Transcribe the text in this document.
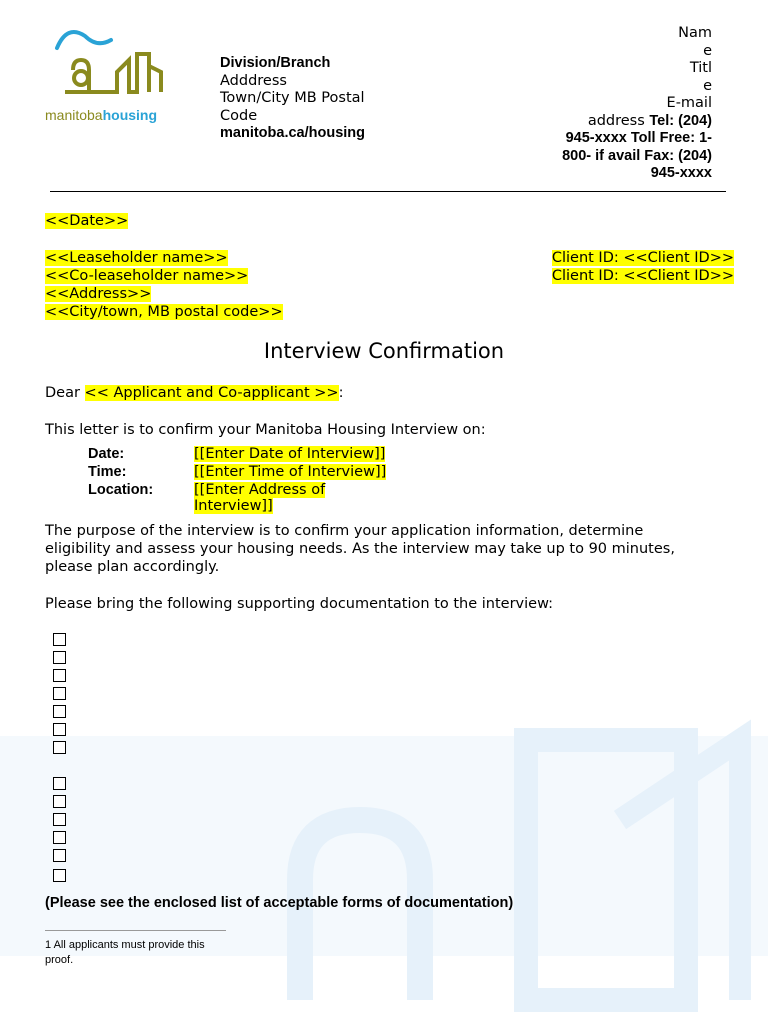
manitobahousing
Division/Branch
Adddress
Town/City MB Postal
Code
manitoba.ca/housing
Nam
e
Titl
e
E-mail
address Tel: (204)
945-xxxx Toll Free: 1-
800- if avail Fax: (204)
945-xxxx
<<Date>>
<<Leaseholder name>>
<<Co-leaseholder name>>
<<Address>>
<<City/town, MB postal code>>
Client ID: <<Client ID>>
Client ID: <<Client ID>>
Interview Confirmation
Dear << Applicant and Co-applicant >>:
This letter is to confirm your Manitoba Housing Interview on:
Date:	[[Enter Date of Interview]]
Time:	[[Enter Time of Interview]]
Location:	[[Enter Address of
Interview]]
The purpose of the interview is to confirm your application information, determine
eligibility and assess your housing needs. As the interview may take up to 90 minutes,
please plan accordingly.
Please bring the following supporting documentation to the interview:
(Please see the enclosed list of acceptable forms of documentation)
1 All applicants must provide this
proof.
